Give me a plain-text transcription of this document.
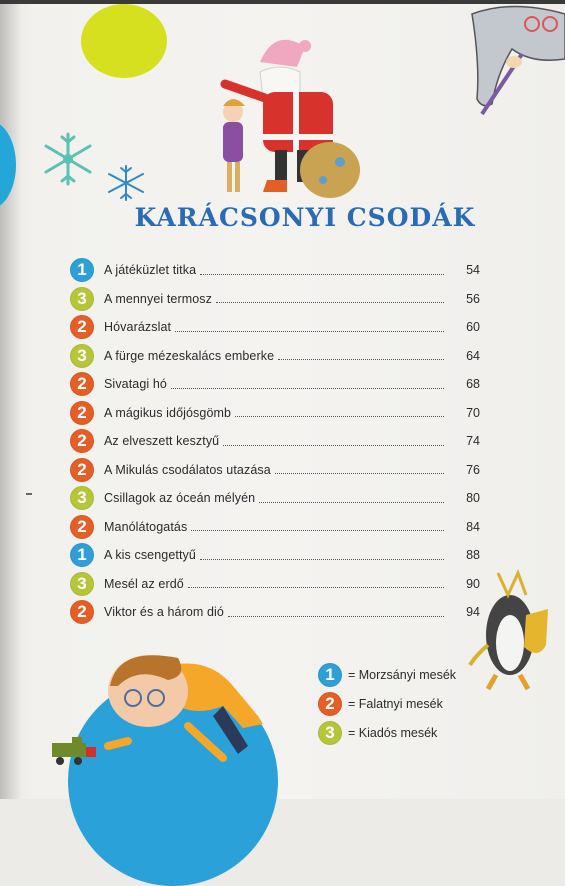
KARÁCSONYI CSODÁK
1	A játéküzlet titka	54
3	A mennyei termosz	56
2	Hóvarázslat	60
3	A fürge mézeskalács emberke	64
2	Sivatagi hó	68
2	A mágikus időjósgömb	70
2	Az elveszett kesztyű	74
2	A Mikulás csodálatos utazása	76
3	Csillagok az óceán mélyén	80
2	Manólátogatás	84
1	A kis csengettyű	88
3	Mesél az erdő	90
2	Viktor és a három dió	94
1	= Morzsányi mesék
2	= Falatnyi mesék
3	= Kiadós mesék
